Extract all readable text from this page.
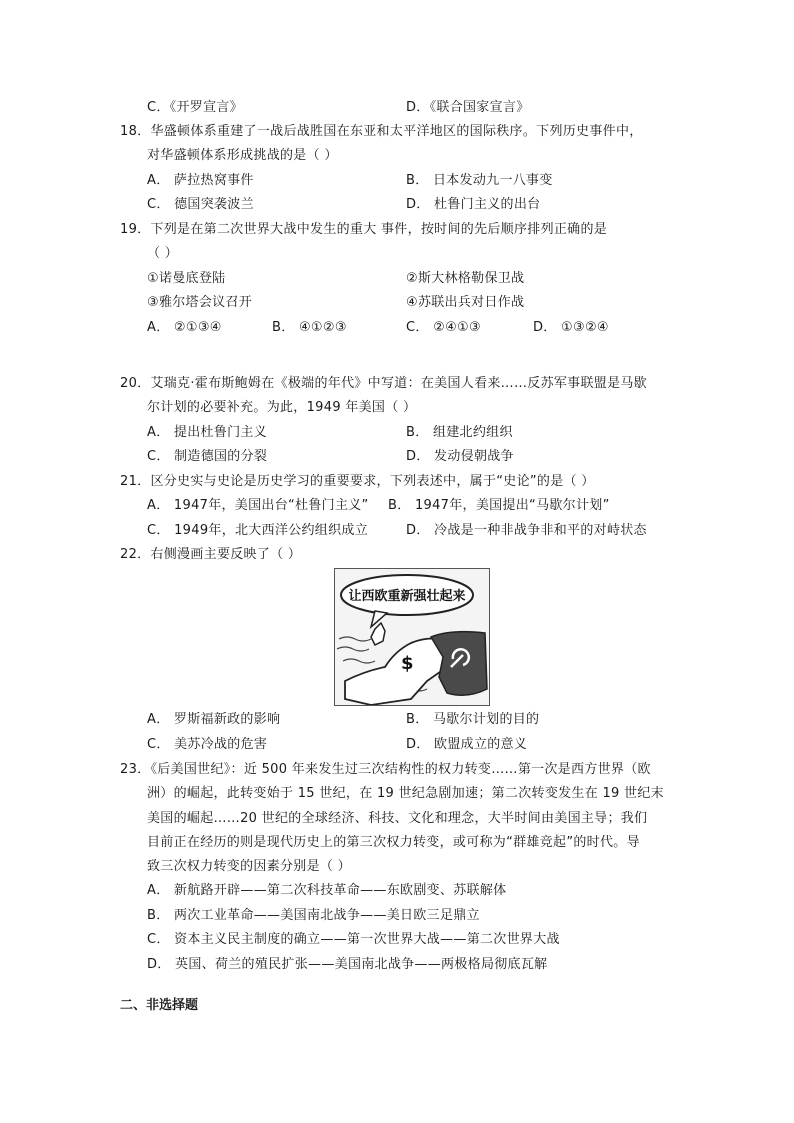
C．《开罗宣言》	D．《联合国家宣言》
18．华盛顿体系重建了一战后战胜国在东亚和太平洋地区的国际秩序。下列历史事件中，
对华盛顿体系形成挑战的是（ ）
A． 萨拉热窝事件	B． 日本发动九一八事变
C． 德国突袭波兰	D． 杜鲁门主义的出台
19．下列是在第二次世界大战中发生的重大 事件，按时间的先后顺序排列正确的是
（ ）
①诺曼底登陆	②斯大林格勒保卫战
③雅尔塔会议召开	④苏联出兵对日作战
A． ②①③④	B． ④①②③	C． ②④①③	D． ①③②④
20．艾瑞克·霍布斯鲍姆在《极端的年代》中写道：在美国人看来……反苏军事联盟是马歇
尔计划的必要补充。为此，1949 年美国（ ）
A． 提出杜鲁门主义	B． 组建北约组织
C． 制造德国的分裂	D． 发动侵朝战争
21．区分史实与史论是历史学习的重要要求，下列表述中，属于“史论”的是（ ）
A． 1947年，美国出台“杜鲁门主义” B． 1947年，美国提出“马歇尔计划”
C． 1949年，北大西洋公约组织成立	D． 冷战是一种非战争非和平的对峙状态
22．右侧漫画主要反映了（ ）
让西欧重新强壮起来
$
A． 罗斯福新政的影响	B． 马歇尔计划的目的
C． 美苏冷战的危害	D． 欧盟成立的意义
23．《后美国世纪》：近 500 年来发生过三次结构性的权力转变……第一次是西方世界（欧
洲）的崛起，此转变始于 15 世纪，在 19 世纪急剧加速；第二次转变发生在 19 世纪末
美国的崛起……20 世纪的全球经济、科技、文化和理念，大半时间由美国主导；我们
目前正在经历的则是现代历史上的第三次权力转变，或可称为“群雄竞起”的时代。导
致三次权力转变的因素分别是（ ）
A． 新航路开辟——第二次科技革命——东欧剧变、苏联解体
B． 两次工业革命——美国南北战争——美日欧三足鼎立
C． 资本主义民主制度的确立——第一次世界大战——第二次世界大战
D． 英国、荷兰的殖民扩张——美国南北战争——两极格局彻底瓦解
二、非选择题
